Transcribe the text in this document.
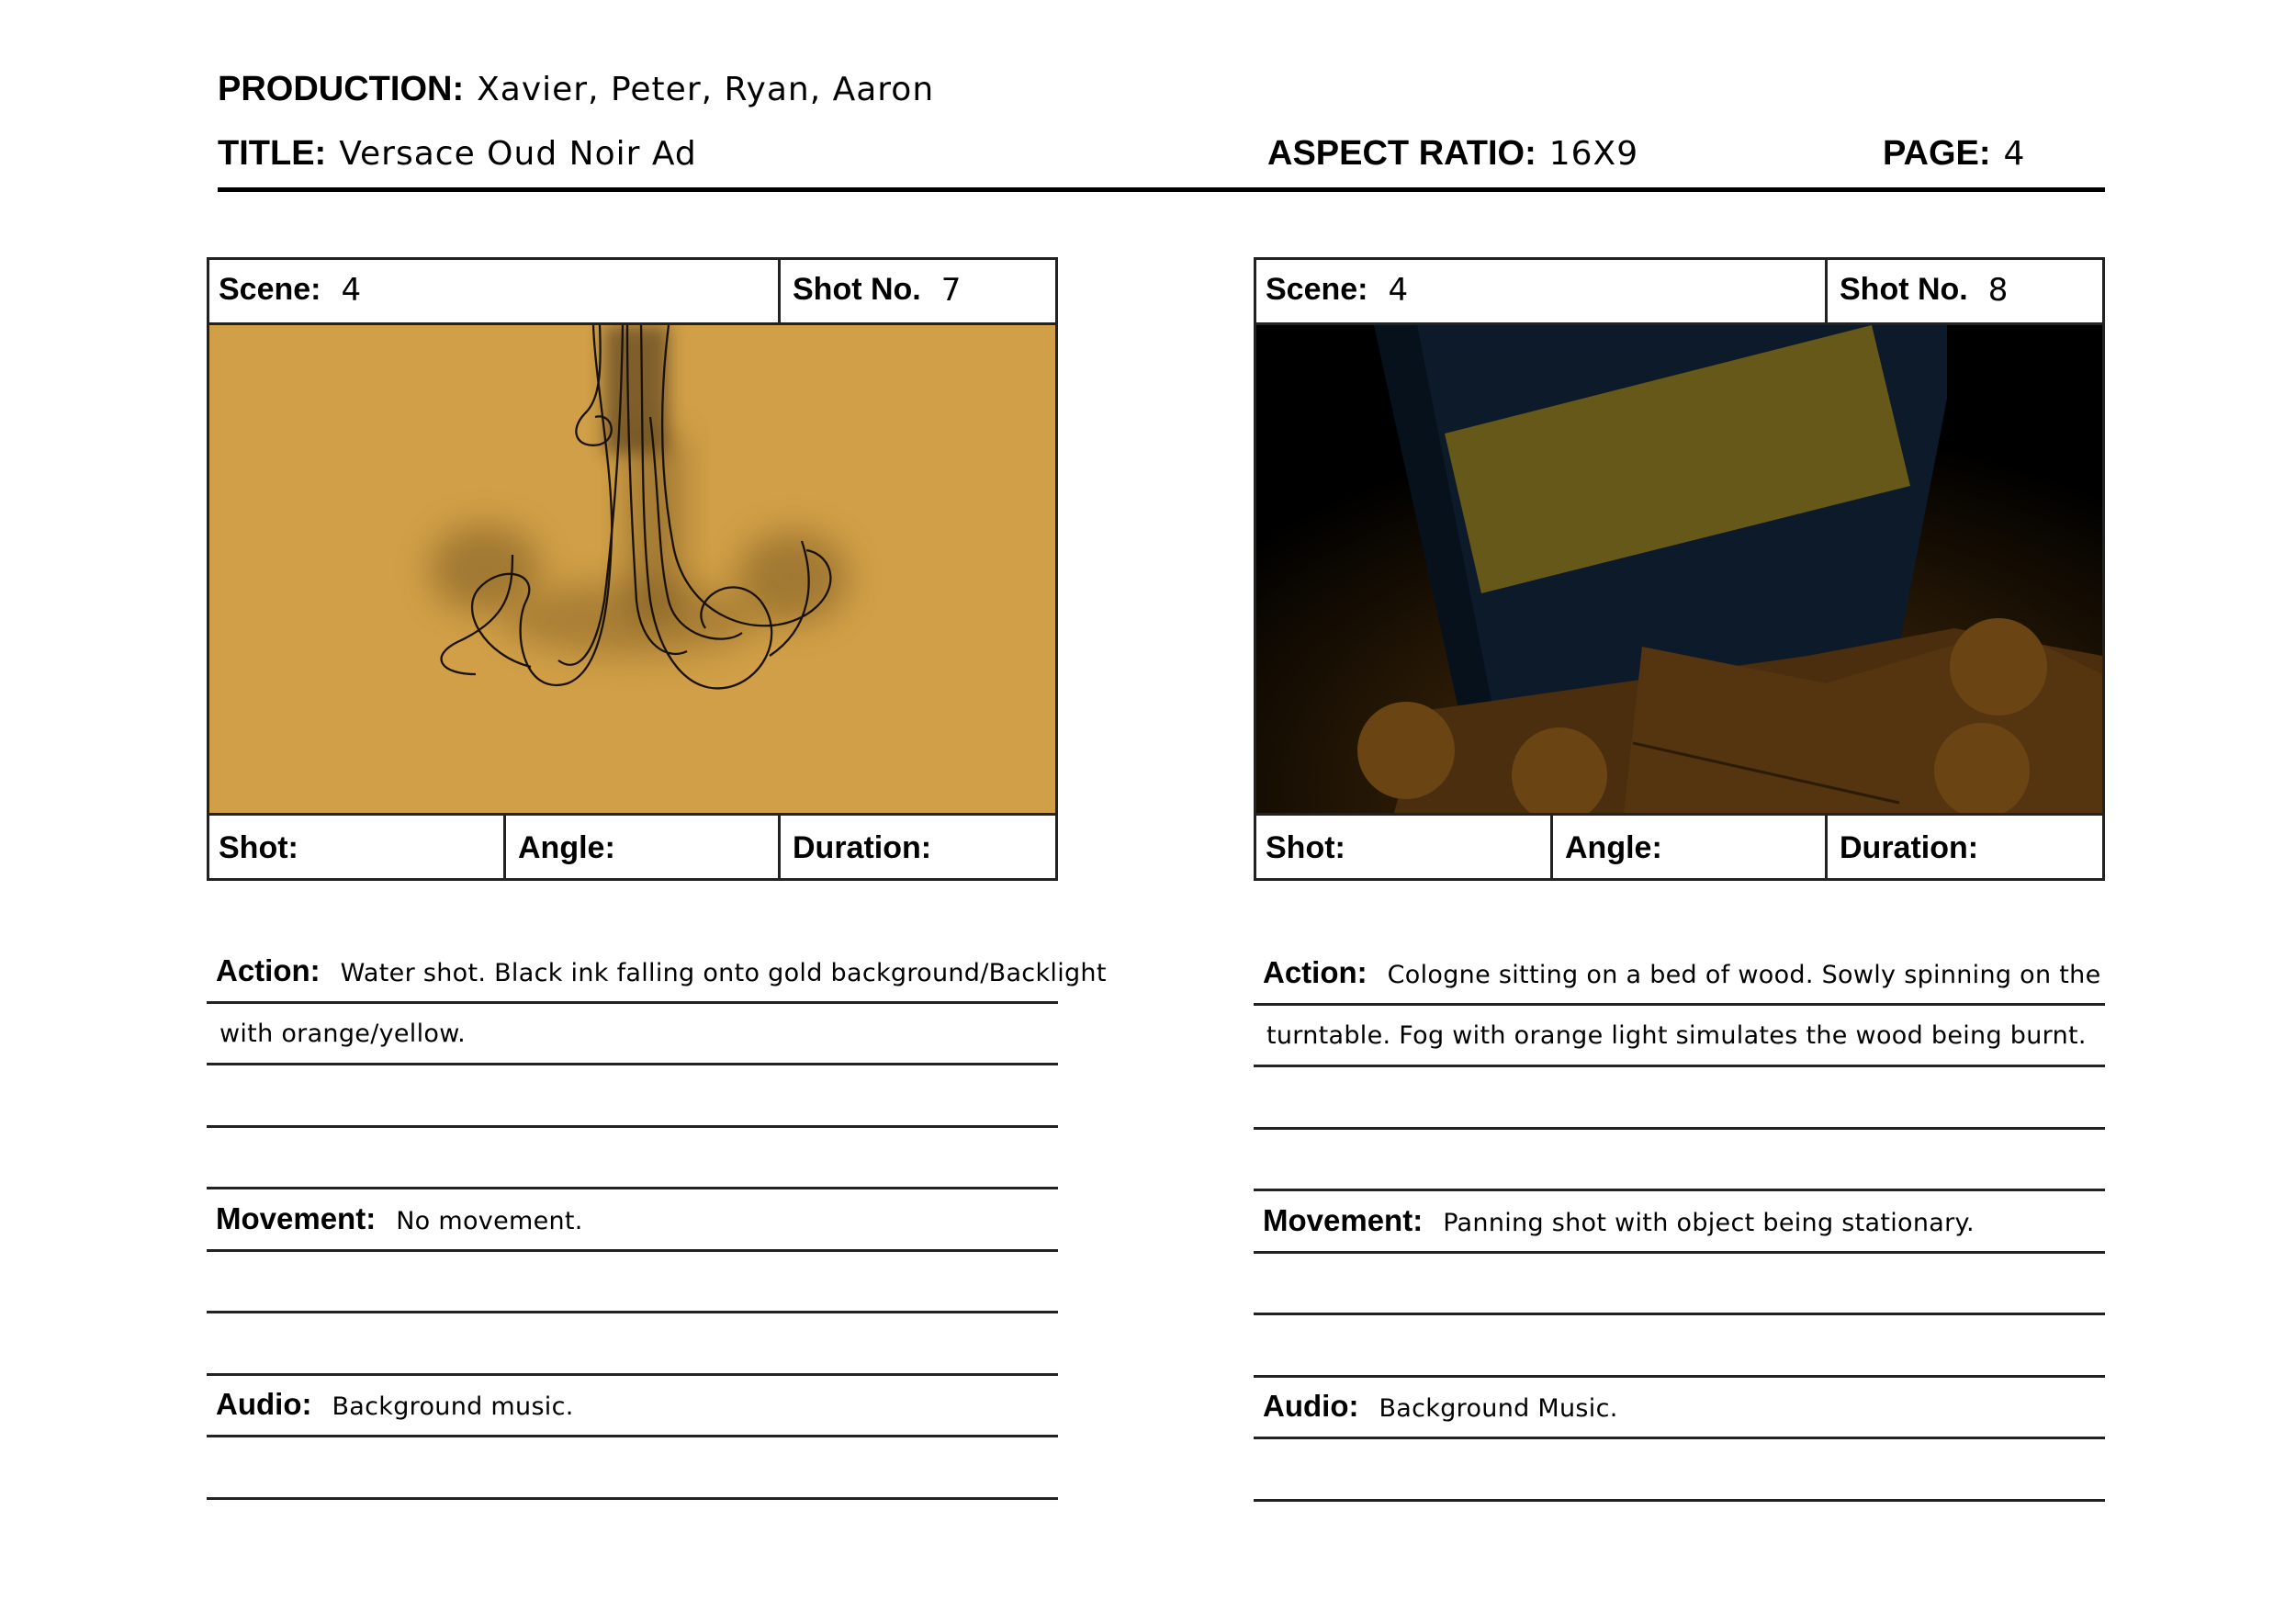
PRODUCTION: Xavier, Peter, Ryan, Aaron
TITLE: Versace Oud Noir Ad	ASPECT RATIO: 16X9	PAGE: 4
Scene: 4	Shot No. 7
Shot:	Angle:	Duration:
Scene: 4	Shot No. 8
Shot:	Angle:	Duration:
Action: Water shot. Black ink falling onto gold background/Backlight
with orange/yellow.
Movement: No movement.
Audio: Background music.
Action: Cologne sitting on a bed of wood. Sowly spinning on the
turntable. Fog with orange light simulates the wood being burnt.
Movement: Panning shot with object being stationary.
Audio: Background Music.
